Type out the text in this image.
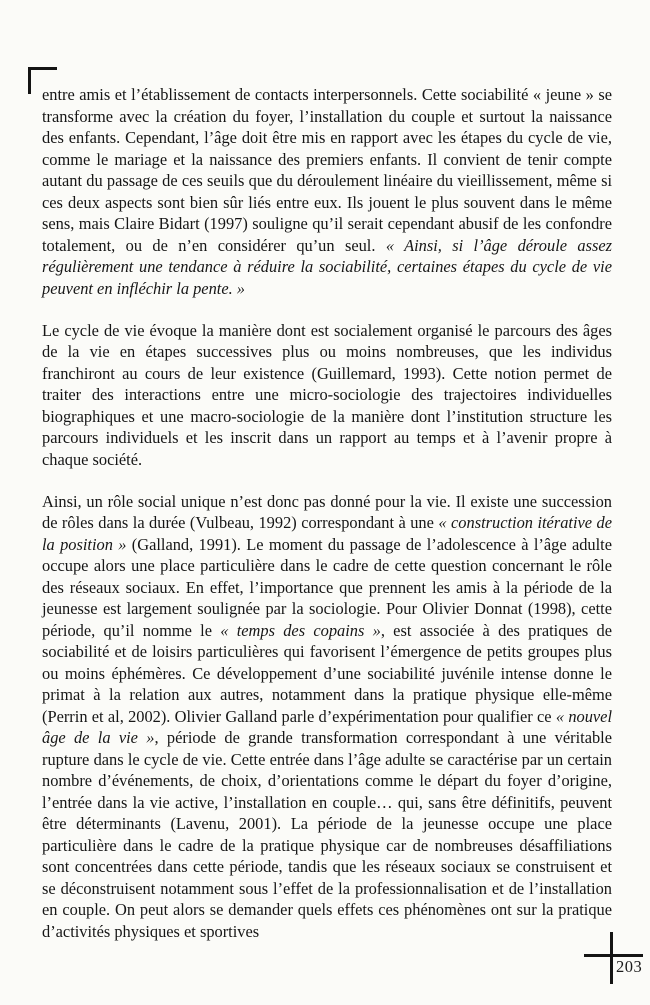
entre amis et l’établissement de contacts interpersonnels. Cette sociabilité « jeune » se transforme avec la création du foyer, l’installation du couple et surtout la naissance des enfants. Cependant, l’âge doit être mis en rapport avec les étapes du cycle de vie, comme le mariage et la naissance des premiers enfants. Il convient de tenir compte autant du passage de ces seuils que du déroulement linéaire du vieillissement, même si ces deux aspects sont bien sûr liés entre eux. Ils jouent le plus souvent dans le même sens, mais Claire Bidart (1997) souligne qu’il serait cependant abusif de les confondre totalement, ou de n’en considérer qu’un seul. « Ainsi, si l’âge déroule assez régulièrement une tendance à réduire la sociabilité, certaines étapes du cycle de vie peuvent en infléchir la pente. »

Le cycle de vie évoque la manière dont est socialement organisé le parcours des âges de la vie en étapes successives plus ou moins nombreuses, que les individus franchiront au cours de leur existence (Guillemard, 1993). Cette notion permet de traiter des interactions entre une micro-sociologie des trajectoires individuelles biographiques et une macro-sociologie de la manière dont l’institution structure les parcours individuels et les inscrit dans un rapport au temps et à l’avenir propre à chaque société.

Ainsi, un rôle social unique n’est donc pas donné pour la vie. Il existe une succession de rôles dans la durée (Vulbeau, 1992) correspondant à une « construction itérative de la position » (Galland, 1991). Le moment du passage de l’adolescence à l’âge adulte occupe alors une place particulière dans le cadre de cette question concernant le rôle des réseaux sociaux. En effet, l’importance que prennent les amis à la période de la jeunesse est largement soulignée par la sociologie. Pour Olivier Donnat (1998), cette période, qu’il nomme le « temps des copains », est associée à des pratiques de sociabilité et de loisirs particulières qui favorisent l’émergence de petits groupes plus ou moins éphémères. Ce développement d’une sociabilité juvénile intense donne le primat à la relation aux autres, notamment dans la pratique physique elle-même (Perrin et al, 2002). Olivier Galland parle d’expérimentation pour qualifier ce « nouvel âge de la vie », période de grande transformation correspondant à une véritable rupture dans le cycle de vie. Cette entrée dans l’âge adulte se caractérise par un certain nombre d’événements, de choix, d’orientations comme le départ du foyer d’origine, l’entrée dans la vie active, l’installation en couple… qui, sans être définitifs, peuvent être déterminants (Lavenu, 2001). La période de la jeunesse occupe une place particulière dans le cadre de la pratique physique car de nombreuses désaffiliations sont concentrées dans cette période, tandis que les réseaux sociaux se construisent et se déconstruisent notamment sous l’effet de la professionnalisation et de l’installation en couple. On peut alors se demander quels effets ces phénomènes ont sur la pratique d’activités physiques et sportives

203
